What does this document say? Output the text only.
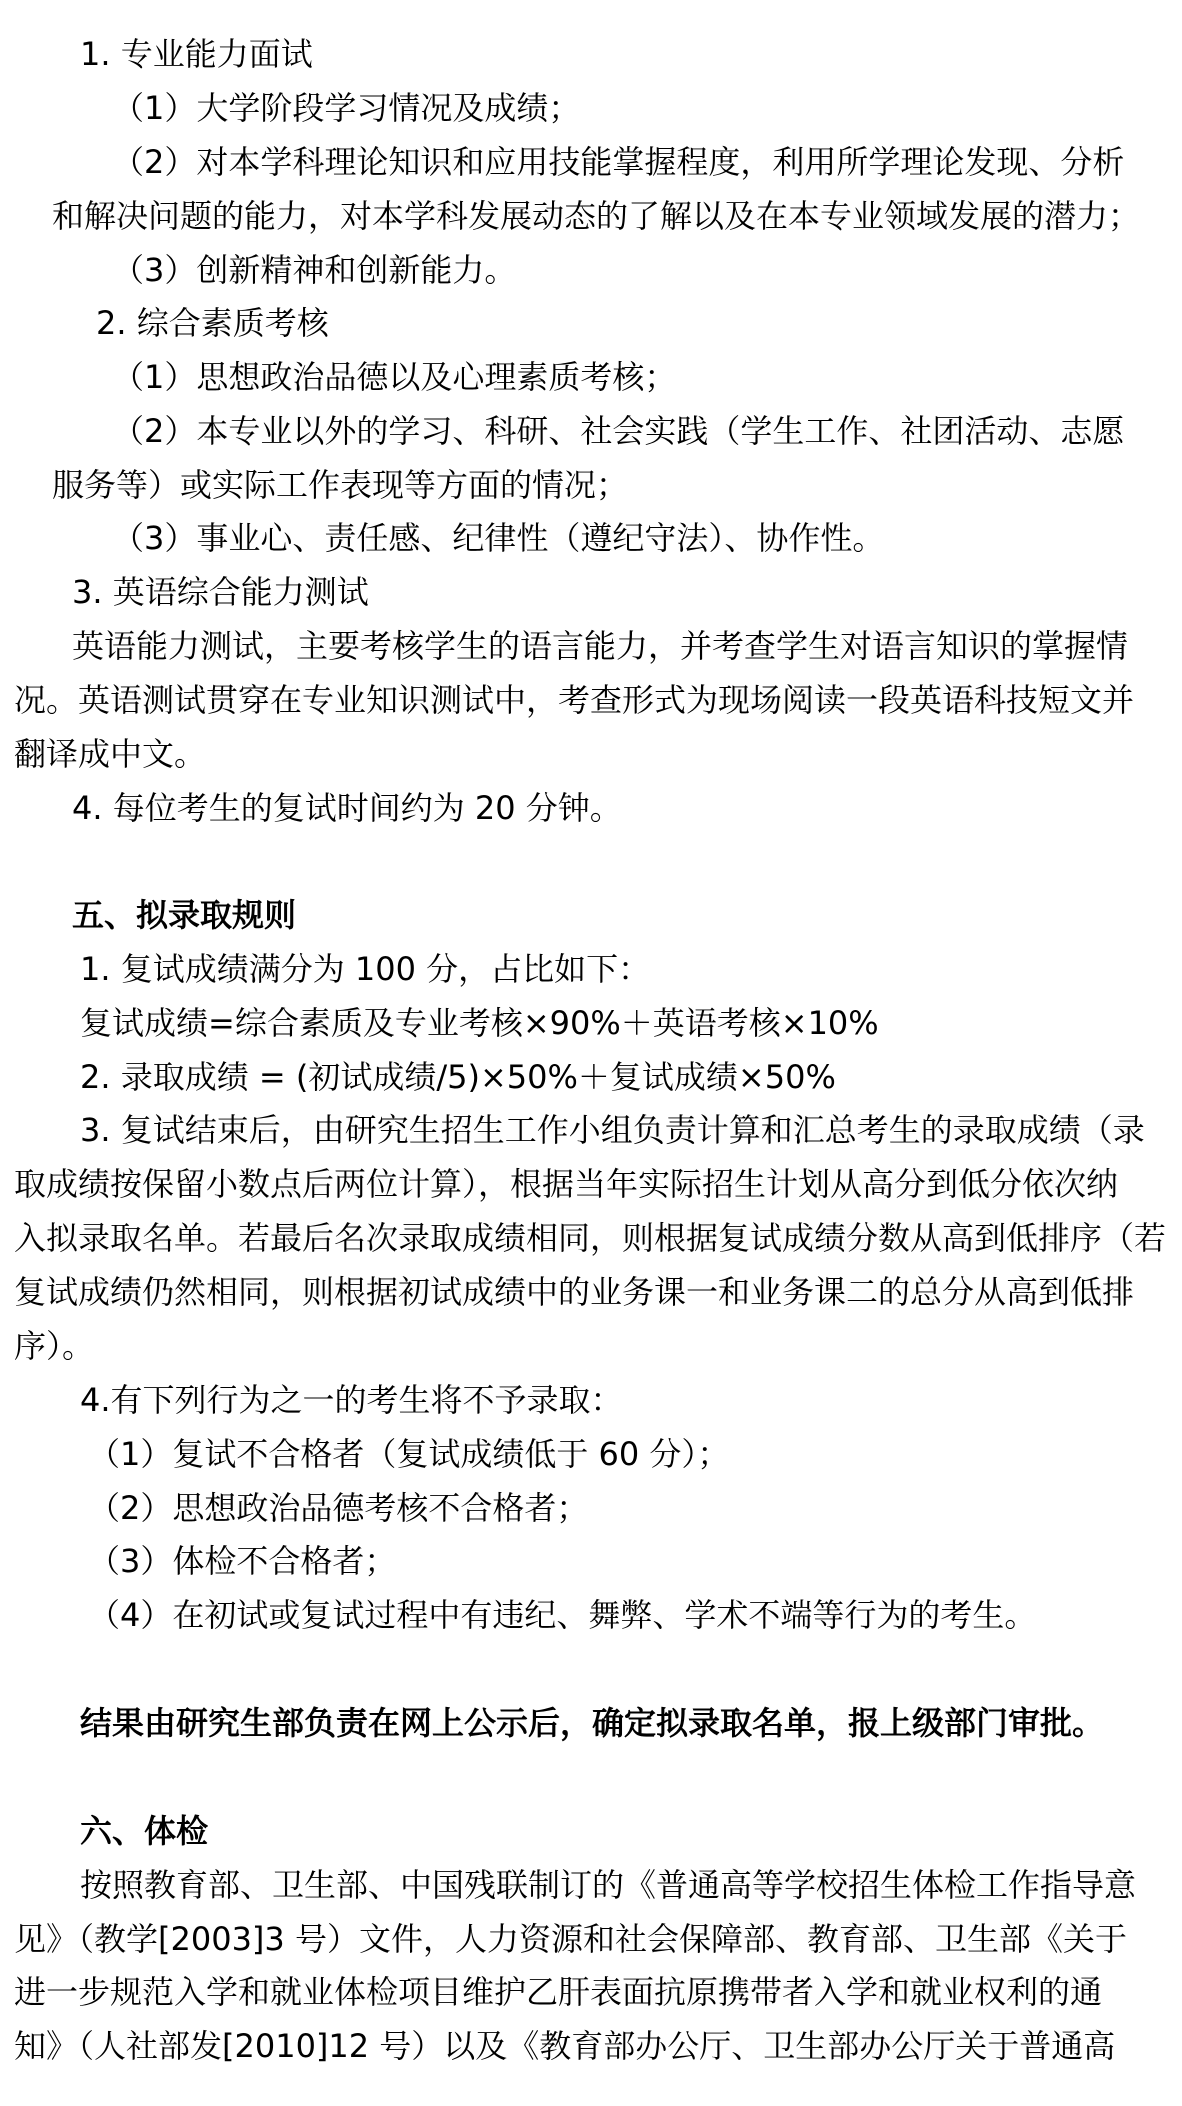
1. 专业能力面试
（1）大学阶段学习情况及成绩；
（2）对本学科理论知识和应用技能掌握程度，利用所学理论发现、分析
和解决问题的能力，对本学科发展动态的了解以及在本专业领域发展的潜力；
（3）创新精神和创新能力。
2. 综合素质考核
（1）思想政治品德以及心理素质考核；
（2）本专业以外的学习、科研、社会实践（学生工作、社团活动、志愿
服务等）或实际工作表现等方面的情况；
（3）事业心、责任感、纪律性（遵纪守法）、协作性。
3. 英语综合能力测试
英语能力测试，主要考核学生的语言能力，并考查学生对语言知识的掌握情
况。英语测试贯穿在专业知识测试中，考查形式为现场阅读一段英语科技短文并
翻译成中文。
4. 每位考生的复试时间约为 20 分钟。
五、拟录取规则
1. 复试成绩满分为 100 分，占比如下：
复试成绩=综合素质及专业考核×90%＋英语考核×10%
2. 录取成绩 = (初试成绩/5)×50%＋复试成绩×50%
3. 复试结束后，由研究生招生工作小组负责计算和汇总考生的录取成绩（录
取成绩按保留小数点后两位计算），根据当年实际招生计划从高分到低分依次纳
入拟录取名单。若最后名次录取成绩相同，则根据复试成绩分数从高到低排序（若
复试成绩仍然相同，则根据初试成绩中的业务课一和业务课二的总分从高到低排
序）。
4.有下列行为之一的考生将不予录取：
（1）复试不合格者（复试成绩低于 60 分）；
（2）思想政治品德考核不合格者；
（3）体检不合格者；
（4）在初试或复试过程中有违纪、舞弊、学术不端等行为的考生。
结果由研究生部负责在网上公示后，确定拟录取名单，报上级部门审批。
六、体检
按照教育部、卫生部、中国残联制订的《普通高等学校招生体检工作指导意
见》（教学[2003]3 号）文件，人力资源和社会保障部、教育部、卫生部《关于
进一步规范入学和就业体检项目维护乙肝表面抗原携带者入学和就业权利的通
知》（人社部发[2010]12 号）以及《教育部办公厅、卫生部办公厅关于普通高
